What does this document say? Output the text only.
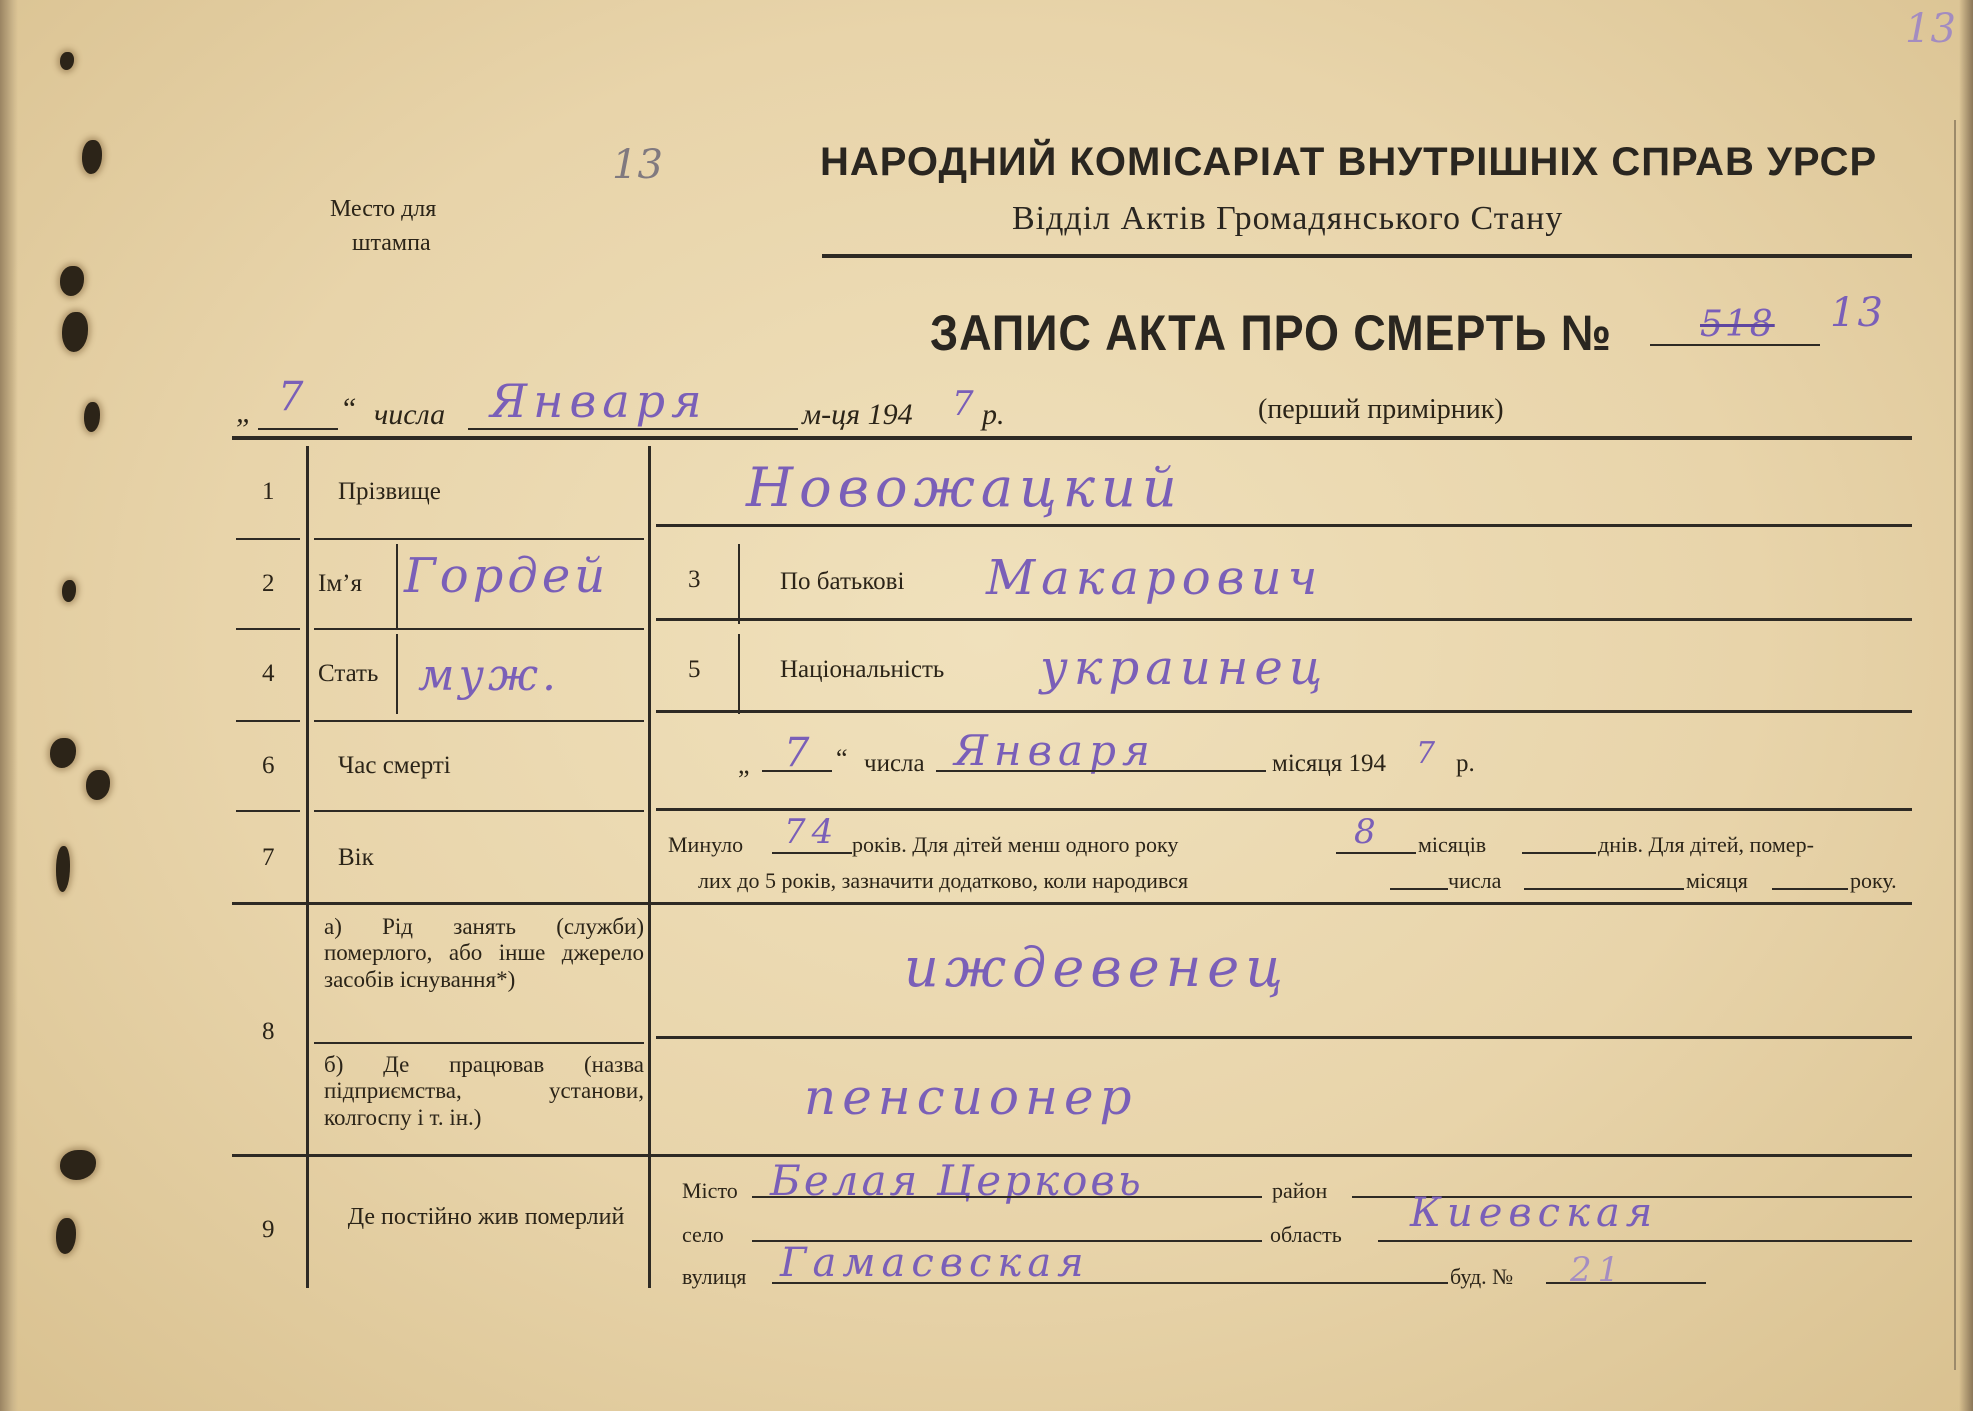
13
13
Место для
штампа
НАРОДНИЙ КОМІСАРІАТ ВНУТРІШНІХ СПРАВ УРСР
Відділ Актів Громадянського Стану
ЗАПИС АКТА ПРО СМЕРТЬ № 518 13
„ 7 “ числа Января	м-ця 194 7 р.	(перший примірник)
1	Прізвище	Новожацкий
2 Ім’я Гордей	3	По батькові Макарович
4 Стать муж.	5	Національність украинец
6	Час смерті	„ 7 “ числа Января	місяця 194 7 р.
7	Вік	Минуло 74 років. Для дітей менш одного року	8 місяців	днів. Для дітей, помер-
лих до 5 років, зазначити додатково, коли народився	числа	місяця	року.
8
а) Рід занять (служби) померлого, або інше джерело засобів існування*)	иждевенец
б) Де працював (назва підприємства, установи, колгоспу і т. ін.)	пенсионер
9	Де постійно жив померлий
Місто Белая Церковь	район
село	область Киевская
вулиця Гамасвская	буд. № 21
